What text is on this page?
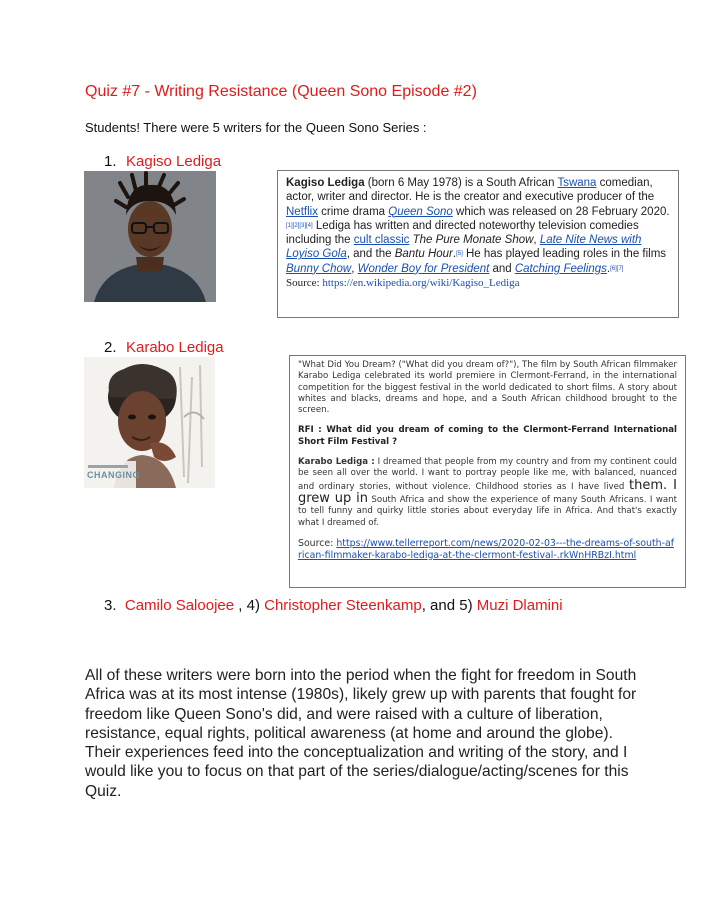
Quiz #7 - Writing Resistance (Queen Sono Episode #2)
Students! There were 5 writers for the Queen Sono Series :
1. Kagiso Lediga
Kagiso Lediga (born 6 May 1978) is a South African Tswana comedian, actor, writer and director. He is the creator and executive producer of the Netflix crime drama Queen Sono which was released on 28 February 2020.[1][2][3][4] Lediga has written and directed noteworthy television comedies including the cult classic The Pure Monate Show, Late Nite News with Loyiso Gola, and the Bantu Hour.[5] He has played leading roles in the films Bunny Chow, Wonder Boy for President and Catching Feelings.[6][7]
Source: https://en.wikipedia.org/wiki/Kagiso_Lediga
2. Karabo Lediga
CHANGING

"What Did You Dream? ("What did you dream of?"), The film by South African filmmaker Karabo Lediga celebrated its world premiere in Clermont-Ferrand, in the international competition for the biggest festival in the world dedicated to short films. A story about whites and blacks, dreams and hope, and a South African childhood brought to the screen.

RFI : What did you dream of coming to the Clermont-Ferrand International Short Film Festival ?

Karabo Lediga : I dreamed that people from my country and from my continent could be seen all over the world. I want to portray people like me, with balanced, nuanced and ordinary stories, without violence. Childhood stories as I have lived them. I grew up in South Africa and show the experience of many South Africans. I want to tell funny and quirky little stories about everyday life in Africa. And that's exactly what I dreamed of.

Source: https://www.tellerreport.com/news/2020-02-03---the-dreams-of-south-african-filmmaker-karabo-lediga-at-the-clermont-festival-.rkWnHRBzI.html

3. Camilo Saloojee , 4) Christopher Steenkamp, and 5) Muzi Dlamini
All of these writers were born into the period when the fight for freedom in South Africa was at its most intense (1980s), likely grew up with parents that fought for freedom like Queen Sono's did, and were raised with a culture of liberation, resistance, equal rights, political awareness (at home and around the globe). Their experiences feed into the conceptualization and writing of the story, and I would like you to focus on that part of the series/dialogue/acting/scenes for this Quiz.
